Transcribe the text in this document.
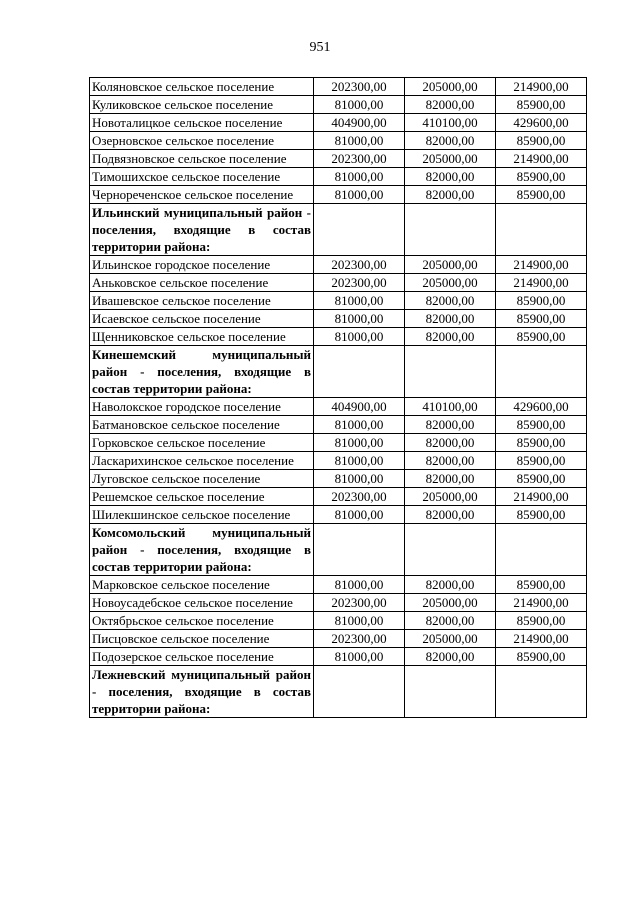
951
Коляновское сельское поселение	202300,00	205000,00	214900,00
Куликовское сельское поселение	81000,00	82000,00	85900,00
Новоталицкое сельское поселение	404900,00	410100,00	429600,00
Озерновское сельское поселение	81000,00	82000,00	85900,00
Подвязновское сельское поселение	202300,00	205000,00	214900,00
Тимошихское сельское поселение	81000,00	82000,00	85900,00
Чернореченское сельское поселение	81000,00	82000,00	85900,00
Ильинский муниципальный район - поселения, входящие в состав территории района:			
Ильинское городское поселение	202300,00	205000,00	214900,00
Аньковское сельское поселение	202300,00	205000,00	214900,00
Ивашевское сельское поселение	81000,00	82000,00	85900,00
Исаевское сельское поселение	81000,00	82000,00	85900,00
Щенниковское сельское поселение	81000,00	82000,00	85900,00
Кинешемский муниципальный район - поселения, входящие в состав территории района:			
Наволокское городское поселение	404900,00	410100,00	429600,00
Батмановское сельское поселение	81000,00	82000,00	85900,00
Горковское сельское поселение	81000,00	82000,00	85900,00
Ласкарихинское сельское поселение	81000,00	82000,00	85900,00
Луговское сельское поселение	81000,00	82000,00	85900,00
Решемское сельское поселение	202300,00	205000,00	214900,00
Шилекшинское сельское поселение	81000,00	82000,00	85900,00
Комсомольский муниципальный район - поселения, входящие в состав территории района:			
Марковское сельское поселение	81000,00	82000,00	85900,00
Новоусадебское сельское поселение	202300,00	205000,00	214900,00
Октябрьское сельское поселение	81000,00	82000,00	85900,00
Писцовское сельское поселение	202300,00	205000,00	214900,00
Подозерское сельское поселение	81000,00	82000,00	85900,00
Лежневский муниципальный район - поселения, входящие в состав территории района:			
